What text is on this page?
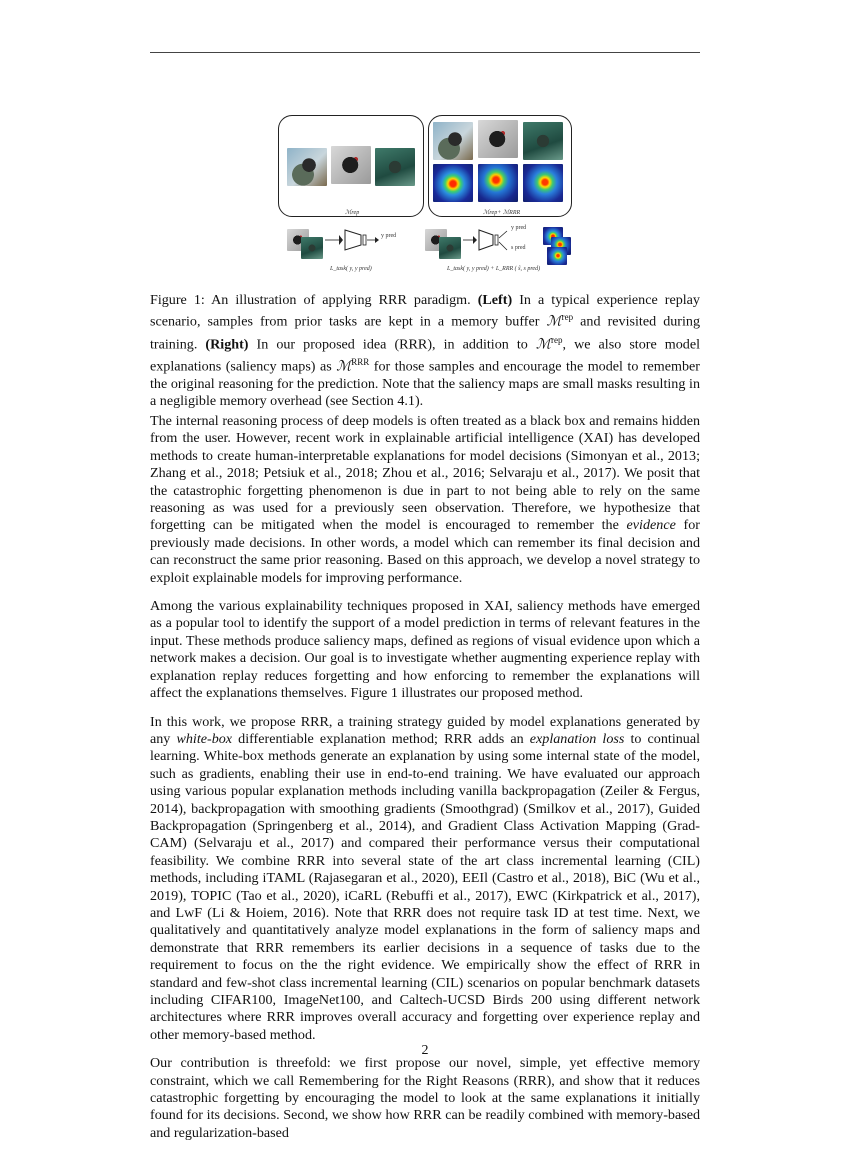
ℳrep	ℳrep+ ℳRRR
y pred
L_task( y, y pred)
y pred
s pred
L_task( y, y pred) + L_RRR ( ŝ, s pred)
Figure 1: An illustration of applying RRR paradigm. (Left) In a typical experience replay scenario, samples from prior tasks are kept in a memory buffer ℳ$^{rep}$ and revisited during training. (Right) In our proposed idea (RRR), in addition to ℳ$^{rep}$, we also store model explanations (saliency maps) as ℳ$^{RRR}$ for those samples and encourage the model to remember the original reasoning for the prediction. Note that the saliency maps are small masks resulting in a negligible memory overhead (see Section 4.1).

The internal reasoning process of deep models is often treated as a black box and remains hidden from the user. However, recent work in explainable artificial intelligence (XAI) has developed methods to create human-interpretable explanations for model decisions (Simonyan et al., 2013; Zhang et al., 2018; Petsiuk et al., 2018; Zhou et al., 2016; Selvaraju et al., 2017). We posit that the catastrophic forgetting phenomenon is due in part to not being able to rely on the same reasoning as was used for a previously seen observation. Therefore, we hypothesize that forgetting can be mitigated when the model is encouraged to remember the evidence for previously made decisions. In other words, a model which can remember its final decision and can reconstruct the same prior reasoning. Based on this approach, we develop a novel strategy to exploit explainable models for improving performance.

Among the various explainability techniques proposed in XAI, saliency methods have emerged as a popular tool to identify the support of a model prediction in terms of relevant features in the input. These methods produce saliency maps, defined as regions of visual evidence upon which a network makes a decision. Our goal is to investigate whether augmenting experience replay with explanation replay reduces forgetting and how enforcing to remember the explanations will affect the explanations themselves. Figure 1 illustrates our proposed method.

In this work, we propose RRR, a training strategy guided by model explanations generated by any white-box differentiable explanation method; RRR adds an explanation loss to continual learning. White-box methods generate an explanation by using some internal state of the model, such as gradients, enabling their use in end-to-end training. We have evaluated our approach using various popular explanation methods including vanilla backpropagation (Zeiler & Fergus, 2014), backpropagation with smoothing gradients (Smoothgrad) (Smilkov et al., 2017), Guided Backpropagation (Springenberg et al., 2014), and Gradient Class Activation Mapping (Grad-CAM) (Selvaraju et al., 2017) and compared their performance versus their computational feasibility. We combine RRR into several state of the art class incremental learning (CIL) methods, including iTAML (Rajasegaran et al., 2020), EEIl (Castro et al., 2018), BiC (Wu et al., 2019), TOPIC (Tao et al., 2020), iCaRL (Rebuffi et al., 2017), EWC (Kirkpatrick et al., 2017), and LwF (Li & Hoiem, 2016). Note that RRR does not require task ID at test time. Next, we qualitatively and quantitatively analyze model explanations in the form of saliency maps and demonstrate that RRR remembers its earlier decisions in a sequence of tasks due to the requirement to focus on the the right evidence. We empirically show the effect of RRR in standard and few-shot class incremental learning (CIL) scenarios on popular benchmark datasets including CIFAR100, ImageNet100, and Caltech-UCSD Birds 200 using different network architectures where RRR improves overall accuracy and forgetting over experience replay and other memory-based method.

Our contribution is threefold: we first propose our novel, simple, yet effective memory constraint, which we call Remembering for the Right Reasons (RRR), and show that it reduces catastrophic forgetting by encouraging the model to look at the same explanations it initially found for its decisions. Second, we show how RRR can be readily combined with memory-based and regularization-based

2
